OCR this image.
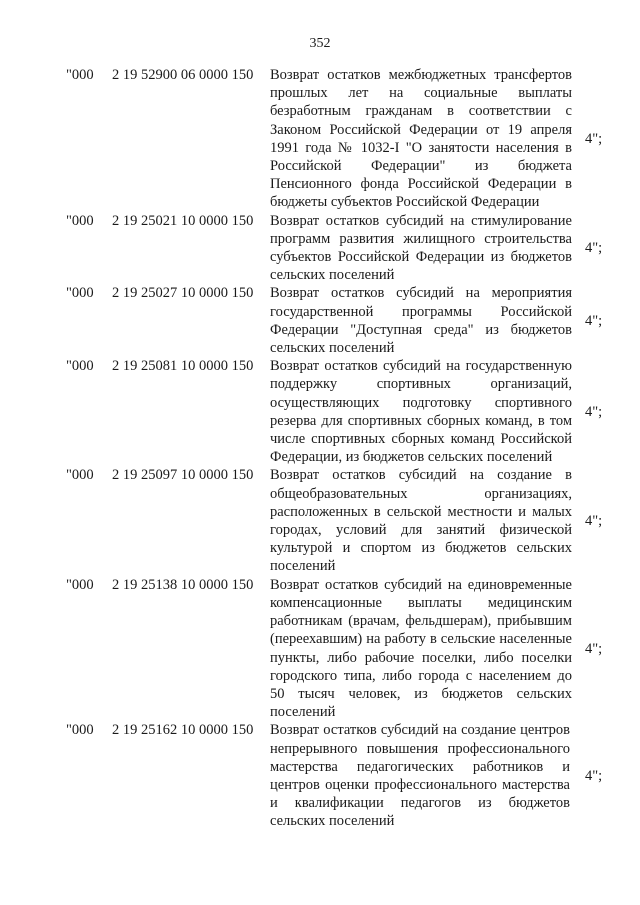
352
"000 2 19 52900 06 0000 150 Возврат остатков межбюджетных трансфертов прошлых лет на социальные выплаты безработным гражданам в соответствии с Законом Российской Федерации от 19 апреля 1991 года № 1032-I "О занятости населения в Российской Федерации" из бюджета Пенсионного фонда Российской Федерации в бюджеты субъектов Российской Федерации
4";
"000 2 19 25021 10 0000 150 Возврат остатков субсидий на стимулирование программ развития жилищного строительства субъектов Российской Федерации из бюджетов сельских поселений
4";
"000 2 19 25027 10 0000 150 Возврат остатков субсидий на мероприятия государственной программы Российской Федерации "Доступная среда" из бюджетов сельских поселений
4";
"000 2 19 25081 10 0000 150 Возврат остатков субсидий на государственную поддержку спортивных организаций, осуществляющих подготовку спортивного резерва для спортивных сборных команд, в том числе спортивных сборных команд Российской Федерации, из бюджетов сельских поселений
4";
"000 2 19 25097 10 0000 150 Возврат остатков субсидий на создание в общеобразовательных организациях, расположенных в сельской местности и малых городах, условий для занятий физической культурой и спортом из бюджетов сельских поселений
4";
"000 2 19 25138 10 0000 150 Возврат остатков субсидий на единовременные компенсационные выплаты медицинским работникам (врачам, фельдшерам), прибывшим (переехавшим) на работу в сельские населенные пункты, либо рабочие поселки, либо поселки городского типа, либо города с населением до 50 тысяч человек, из бюджетов сельских поселений
4";
"000 2 19 25162 10 0000 150 Возврат остатков субсидий на создание центров непрерывного повышения профессионального мастерства педагогических работников и центров оценки профессионального мастерства и квалификации педагогов из бюджетов сельских поселений
4";
